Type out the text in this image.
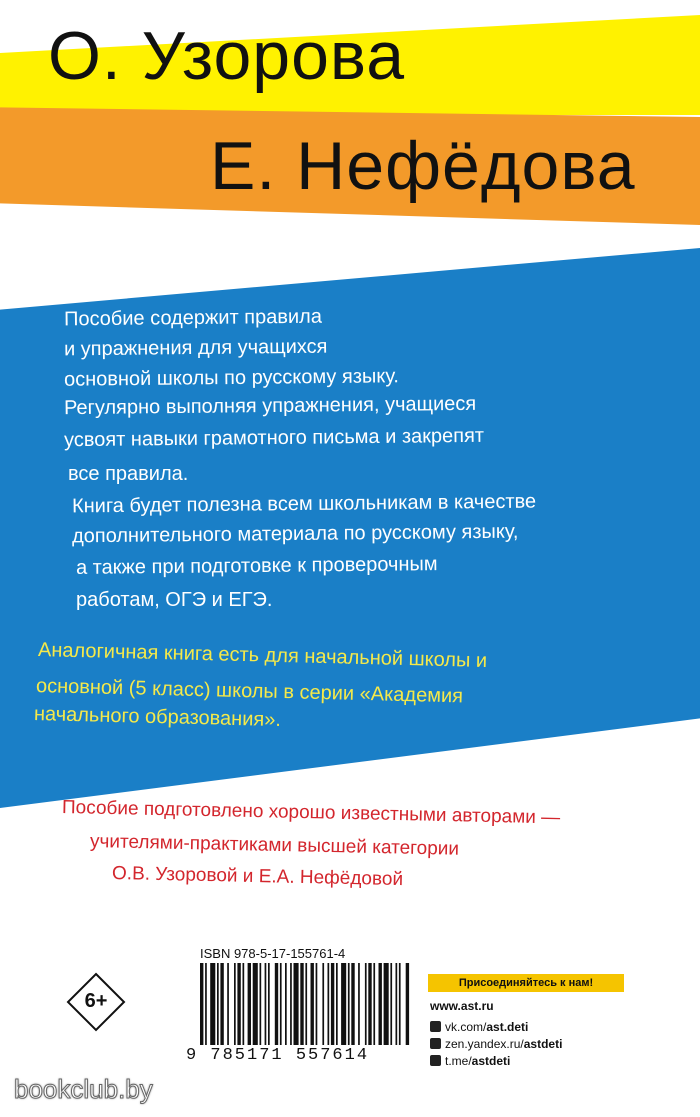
О. Узорова
Е. Нефёдова
Пособие содержит правила
и упражнения для учащихся
основной школы по русскому языку.
Регулярно выполняя упражнения, учащиеся
усвоят навыки грамотного письма и закрепят
все правила.
Книга будет полезна всем школьникам в качестве
дополнительного материала по русскому языку,
а также при подготовке к проверочным
работам, ОГЭ и ЕГЭ.
Аналогичная книга есть для начальной школы и
основной (5 класс) школы в серии «Академия
начального образования».
Пособие подготовлено хорошо известными авторами —
учителями-практиками высшей категории
О.В. Узоровой и Е.А. Нефёдовой
6+
ISBN 978-5-17-155761-4
9 785171 557614
Присоединяйтесь к нам!
www.ast.ru
vk.com/ast.deti
zen.yandex.ru/astdeti
t.me/astdeti
bookclub.by
